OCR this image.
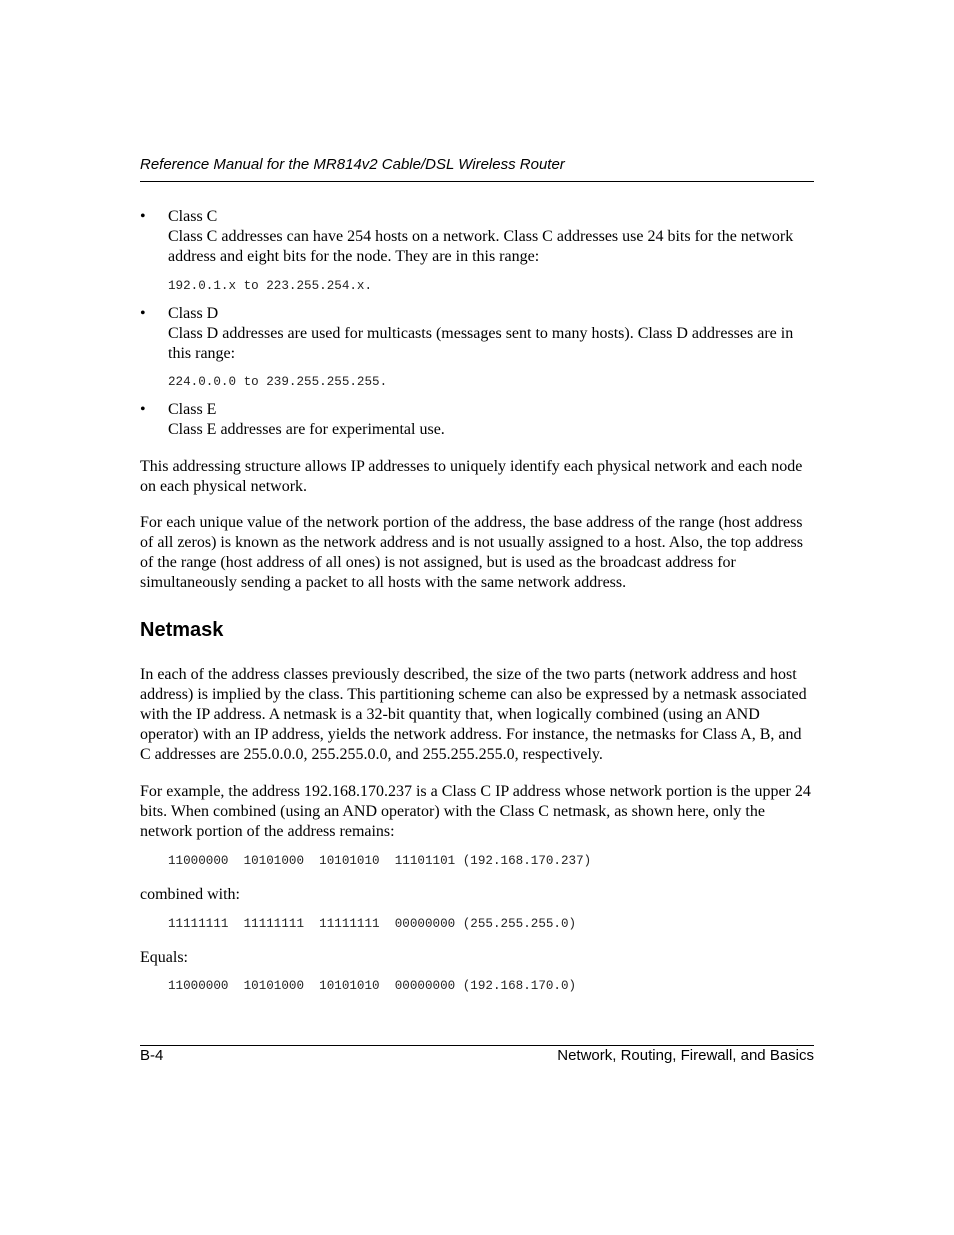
Reference Manual for the MR814v2 Cable/DSL Wireless Router
• Class C
Class C addresses can have 254 hosts on a network. Class C addresses use 24 bits for the network address and eight bits for the node. They are in this range:
192.0.1.x to 223.255.254.x.
• Class D
Class D addresses are used for multicasts (messages sent to many hosts). Class D addresses are in this range:
224.0.0.0 to 239.255.255.255.
• Class E
Class E addresses are for experimental use.
This addressing structure allows IP addresses to uniquely identify each physical network and each node on each physical network.
For each unique value of the network portion of the address, the base address of the range (host address of all zeros) is known as the network address and is not usually assigned to a host. Also, the top address of the range (host address of all ones) is not assigned, but is used as the broadcast address for simultaneously sending a packet to all hosts with the same network address.
Netmask
In each of the address classes previously described, the size of the two parts (network address and host address) is implied by the class. This partitioning scheme can also be expressed by a netmask associated with the IP address. A netmask is a 32-bit quantity that, when logically combined (using an AND operator) with an IP address, yields the network address. For instance, the netmasks for Class A, B, and C addresses are 255.0.0.0, 255.255.0.0, and 255.255.255.0, respectively.
For example, the address 192.168.170.237 is a Class C IP address whose network portion is the upper 24 bits. When combined (using an AND operator) with the Class C netmask, as shown here, only the network portion of the address remains:
11000000  10101000  10101010  11101101 (192.168.170.237)
combined with:
11111111  11111111  11111111  00000000 (255.255.255.0)
Equals:
11000000  10101000  10101010  00000000 (192.168.170.0)
B-4	Network, Routing, Firewall, and Basics
